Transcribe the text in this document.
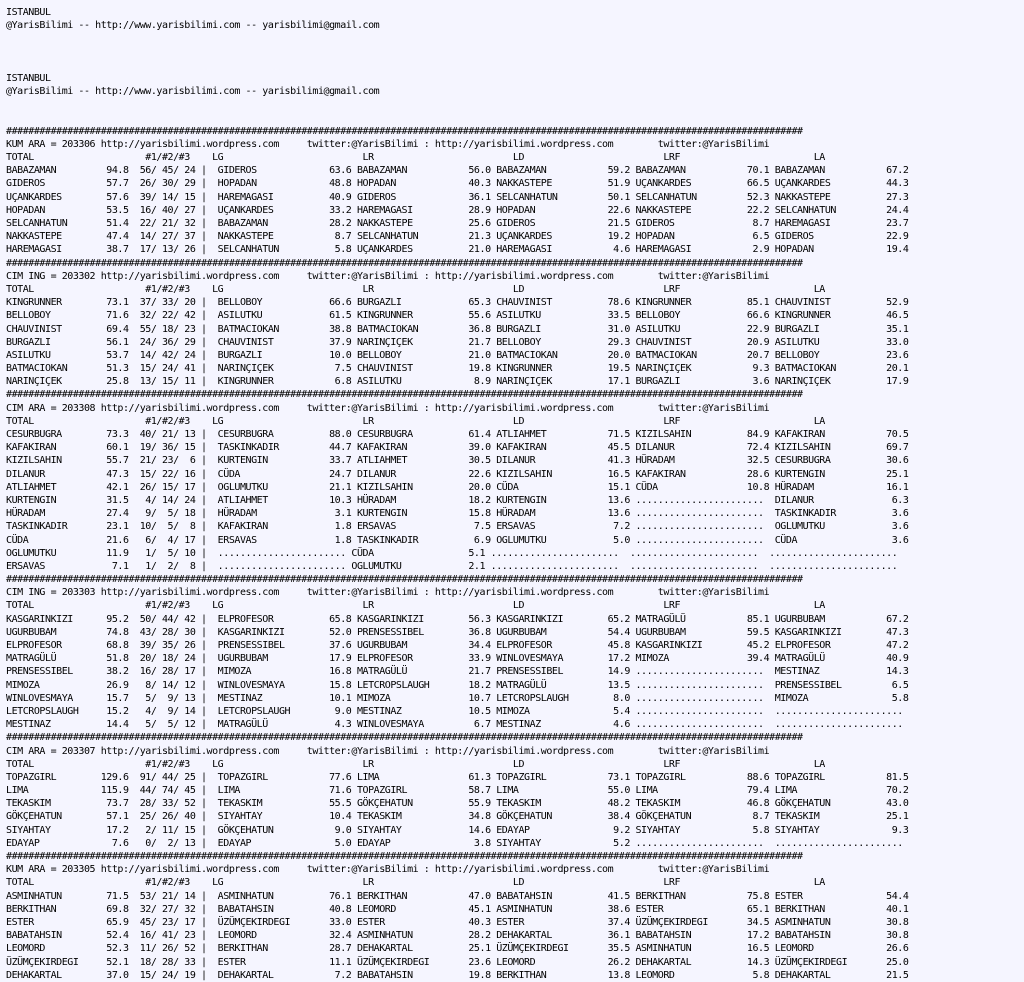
ISTANBUL
@YarisBilimi -- http://www.yarisbilimi.com -- yarisbilimi@gmail.com
ISTANBUL
@YarisBilimi -- http://www.yarisbilimi.com -- yarisbilimi@gmail.com
###############################################################################################################################################
KUM ARA = 203306 http://yarisbilimi.wordpress.com     twitter:@YarisBilimi : http://yarisbilimi.wordpress.com        twitter:@YarisBilimi
TOTAL                    #1/#2/#3    LG                         LR                         LD                         LRF                        LA
BABAZAMAN         94.8  56/ 45/ 24 |  GIDEROS             63.6 BABAZAMAN           56.0 BABAZAMAN           59.2 BABAZAMAN           70.1 BABAZAMAN           67.2
GIDEROS           57.7  26/ 30/ 29 |  HOPADAN             48.8 HOPADAN             40.3 NAKKASTEPE          51.9 UÇANKARDES          66.5 UÇANKARDES          44.3
UÇANKARDES        57.6  39/ 14/ 15 |  HAREMAGASI          40.9 GIDEROS             36.1 SELCANHATUN         50.1 SELCANHATUN         52.3 NAKKASTEPE          27.3
HOPADAN           53.5  16/ 40/ 27 |  UÇANKARDES          33.2 HAREMAGASI          28.9 HOPADAN             22.6 NAKKASTEPE          22.2 SELCANHATUN         24.4
SELCANHATUN       51.4  22/ 21/ 32 |  BABAZAMAN           28.2 NAKKASTEPE          25.6 GIDEROS             21.5 GIDEROS              8.7 HAREMAGASI          23.7
NAKKASTEPE        47.4  14/ 27/ 37 |  NAKKASTEPE           8.7 SELCANHATUN         21.3 UÇANKARDES          19.2 HOPADAN              6.5 GIDEROS             22.9
HAREMAGASI        38.7  17/ 13/ 26 |  SELCANHATUN          5.8 UÇANKARDES          21.0 HAREMAGASI           4.6 HAREMAGASI           2.9 HOPADAN             19.4
###############################################################################################################################################
CIM ING = 203302 http://yarisbilimi.wordpress.com     twitter:@YarisBilimi : http://yarisbilimi.wordpress.com        twitter:@YarisBilimi
TOTAL                    #1/#2/#3    LG                         LR                         LD                         LRF                        LA
KINGRUNNER        73.1  37/ 33/ 20 |  BELLOBOY            66.6 BURGAZLI            65.3 CHAUVINIST          78.6 KINGRUNNER          85.1 CHAUVINIST          52.9
BELLOBOY          71.6  32/ 22/ 42 |  ASILUTKU            61.5 KINGRUNNER          55.6 ASILUTKU            33.5 BELLOBOY            66.6 KINGRUNNER          46.5
CHAUVINIST        69.4  55/ 18/ 23 |  BATMACIOKAN         38.8 BATMACIOKAN         36.8 BURGAZLI            31.0 ASILUTKU            22.9 BURGAZLI            35.1
BURGAZLI          56.1  24/ 36/ 29 |  CHAUVINIST          37.9 NARINÇIÇEK          21.7 BELLOBOY            29.3 CHAUVINIST          20.9 ASILUTKU            33.0
ASILUTKU          53.7  14/ 42/ 24 |  BURGAZLI            10.0 BELLOBOY            21.0 BATMACIOKAN         20.0 BATMACIOKAN         20.7 BELLOBOY            23.6
BATMACIOKAN       51.3  15/ 24/ 41 |  NARINÇIÇEK           7.5 CHAUVINIST          19.8 KINGRUNNER          19.5 NARINÇIÇEK           9.3 BATMACIOKAN         20.1
NARINÇIÇEK        25.8  13/ 15/ 11 |  KINGRUNNER           6.8 ASILUTKU             8.9 NARINÇIÇEK          17.1 BURGAZLI             3.6 NARINÇIÇEK          17.9
###############################################################################################################################################
CIM ARA = 203308 http://yarisbilimi.wordpress.com     twitter:@YarisBilimi : http://yarisbilimi.wordpress.com        twitter:@YarisBilimi
TOTAL                    #1/#2/#3    LG                         LR                         LD                         LRF                        LA
CESURBUGRA        73.3  40/ 21/ 13 |  CESURBUGRA          88.0 CESURBUGRA          61.4 ATLIAHMET           71.5 KIZILSAHIN          84.9 KAFAKIRAN           70.5
KAFAKIRAN         60.1  19/ 36/ 15 |  TASKINKADIR         44.7 KAFAKIRAN           39.0 KAFAKIRAN           45.5 DILANUR             72.4 KIZILSAHIN          69.7
KIZILSAHIN        55.7  21/ 23/  6 |  KURTENGIN           33.7 ATLIAHMET           30.5 DILANUR             41.3 HÜRADAM             32.5 CESURBUGRA          30.6
DILANUR           47.3  15/ 22/ 16 |  CÜDA                24.7 DILANUR             22.6 KIZILSAHIN          16.5 KAFAKIRAN           28.6 KURTENGIN           25.1
ATLIAHMET         42.1  26/ 15/ 17 |  OGLUMUTKU           21.1 KIZILSAHIN          20.0 CÜDA                15.1 CÜDA                10.8 HÜRADAM             16.1
KURTENGIN         31.5   4/ 14/ 24 |  ATLIAHMET           10.3 HÜRADAM             18.2 KURTENGIN           13.6 .......................  DILANUR              6.3
HÜRADAM           27.4   9/  5/ 18 |  HÜRADAM              3.1 KURTENGIN           15.8 HÜRADAM             13.6 .......................  TASKINKADIR          3.6
TASKINKADIR       23.1  10/  5/  8 |  KAFAKIRAN            1.8 ERSAVAS              7.5 ERSAVAS              7.2 .......................  OGLUMUTKU            3.6
CÜDA              21.6   6/  4/ 17 |  ERSAVAS              1.8 TASKINKADIR          6.9 OGLUMUTKU            5.0 .......................  CÜDA                 3.6
OGLUMUTKU         11.9   1/  5/ 10 |  ....................... CÜDA                 5.1 .......................  .......................  .......................
ERSAVAS            7.1   1/  2/  8 |  ....................... OGLUMUTKU            2.1 .......................  .......................  .......................
###############################################################################################################################################
CIM ING = 203303 http://yarisbilimi.wordpress.com     twitter:@YarisBilimi : http://yarisbilimi.wordpress.com        twitter:@YarisBilimi
TOTAL                    #1/#2/#3    LG                         LR                         LD                         LRF                        LA
KASGARINKIZI      95.2  50/ 44/ 42 |  ELPROFESOR          65.8 KASGARINKIZI        56.3 KASGARINKIZI        65.2 MATRAGÜLÜ           85.1 UGURBUBAM           67.2
UGURBUBAM         74.8  43/ 28/ 30 |  KASGARINKIZI        52.0 PRENSESSIBEL        36.8 UGURBUBAM           54.4 UGURBUBAM           59.5 KASGARINKIZI        47.3
ELPROFESOR        68.8  39/ 35/ 26 |  PRENSESSIBEL        37.6 UGURBUBAM           34.4 ELPROFESOR          45.8 KASGARINKIZI        45.2 ELPROFESOR          47.2
MATRAGÜLÜ         51.8  20/ 18/ 24 |  UGURBUBAM           17.9 ELPROFESOR          33.9 WINLOVESMAYA        17.2 MIMOZA              39.4 MATRAGÜLÜ           40.9
PRENSESSIBEL      38.2  16/ 28/ 17 |  MIMOZA              16.8 MATRAGÜLÜ           21.7 PRENSESSIBEL        14.9 .......................  MESTINAZ            14.3
MIMOZA            26.9   8/ 14/ 12 |  WINLOVESMAYA        15.8 LETCROPSLAUGH       18.2 MATRAGÜLÜ           13.5 .......................  PRENSESSIBEL         6.5
WINLOVESMAYA      15.7   5/  9/ 13 |  MESTINAZ            10.1 MIMOZA              10.7 LETCROPSLAUGH        8.0 .......................  MIMOZA               5.8
LETCROPSLAUGH     15.2   4/  9/ 14 |  LETCROPSLAUGH        9.0 MESTINAZ            10.5 MIMOZA               5.4 .......................  .......................
MESTINAZ          14.4   5/  5/ 12 |  MATRAGÜLÜ            4.3 WINLOVESMAYA         6.7 MESTINAZ             4.6 .......................  .......................
###############################################################################################################################################
CIM ARA = 203307 http://yarisbilimi.wordpress.com     twitter:@YarisBilimi : http://yarisbilimi.wordpress.com        twitter:@YarisBilimi
TOTAL                    #1/#2/#3    LG                         LR                         LD                         LRF                        LA
TOPAZGIRL        129.6  91/ 44/ 25 |  TOPAZGIRL           77.6 LIMA                61.3 TOPAZGIRL           73.1 TOPAZGIRL           88.6 TOPAZGIRL           81.5
LIMA             115.9  44/ 74/ 45 |  LIMA                71.6 TOPAZGIRL           58.7 LIMA                55.0 LIMA                79.4 LIMA                70.2
TEKASKIM          73.7  28/ 33/ 52 |  TEKASKIM            55.5 GÖKÇEHATUN          55.9 TEKASKIM            48.2 TEKASKIM            46.8 GÖKÇEHATUN          43.0
GÖKÇEHATUN        57.1  25/ 26/ 40 |  SIYAHTAY            10.4 TEKASKIM            34.8 GÖKÇEHATUN          38.4 GÖKÇEHATUN           8.7 TEKASKIM            25.1
SIYAHTAY          17.2   2/ 11/ 15 |  GÖKÇEHATUN           9.0 SIYAHTAY            14.6 EDAYAP               9.2 SIYAHTAY             5.8 SIYAHTAY             9.3
EDAYAP             7.6   0/  2/ 13 |  EDAYAP               5.0 EDAYAP               3.8 SIYAHTAY             5.2 .......................  .......................
###############################################################################################################################################
KUM ARA = 203305 http://yarisbilimi.wordpress.com     twitter:@YarisBilimi : http://yarisbilimi.wordpress.com        twitter:@YarisBilimi
TOTAL                    #1/#2/#3    LG                         LR                         LD                         LRF                        LA
ASMINHATUN        71.5  53/ 21/ 14 |  ASMINHATUN          76.1 BERKITHAN           47.0 BABATAHSIN          41.5 BERKITHAN           75.8 ESTER               54.4
BERKITHAN         69.8  32/ 27/ 32 |  BABATAHSIN          40.8 LEOMORD             45.1 ASMINHATUN          38.6 ESTER               65.1 BERKITHAN           40.1
ESTER             65.9  45/ 23/ 17 |  ÜZÜMÇEKIRDEGI       33.0 ESTER               40.3 ESTER               37.4 ÜZÜMÇEKIRDEGI       34.5 ASMINHATUN          30.8
BABATAHSIN        52.4  16/ 41/ 23 |  LEOMORD             32.4 ASMINHATUN          28.2 DEHAKARTAL          36.1 BABATAHSIN          17.2 BABATAHSIN          30.8
LEOMORD           52.3  11/ 26/ 52 |  BERKITHAN           28.7 DEHAKARTAL          25.1 ÜZÜMÇEKIRDEGI       35.5 ASMINHATUN          16.5 LEOMORD             26.6
ÜZÜMÇEKIRDEGI     52.1  18/ 28/ 33 |  ESTER               11.1 ÜZÜMÇEKIRDEGI       23.6 LEOMORD             26.2 DEHAKARTAL          14.3 ÜZÜMÇEKIRDEGI       25.0
DEHAKARTAL        37.0  15/ 24/ 19 |  DEHAKARTAL           7.2 BABATAHSIN          19.8 BERKITHAN           13.8 LEOMORD              5.8 DEHAKARTAL          21.5
